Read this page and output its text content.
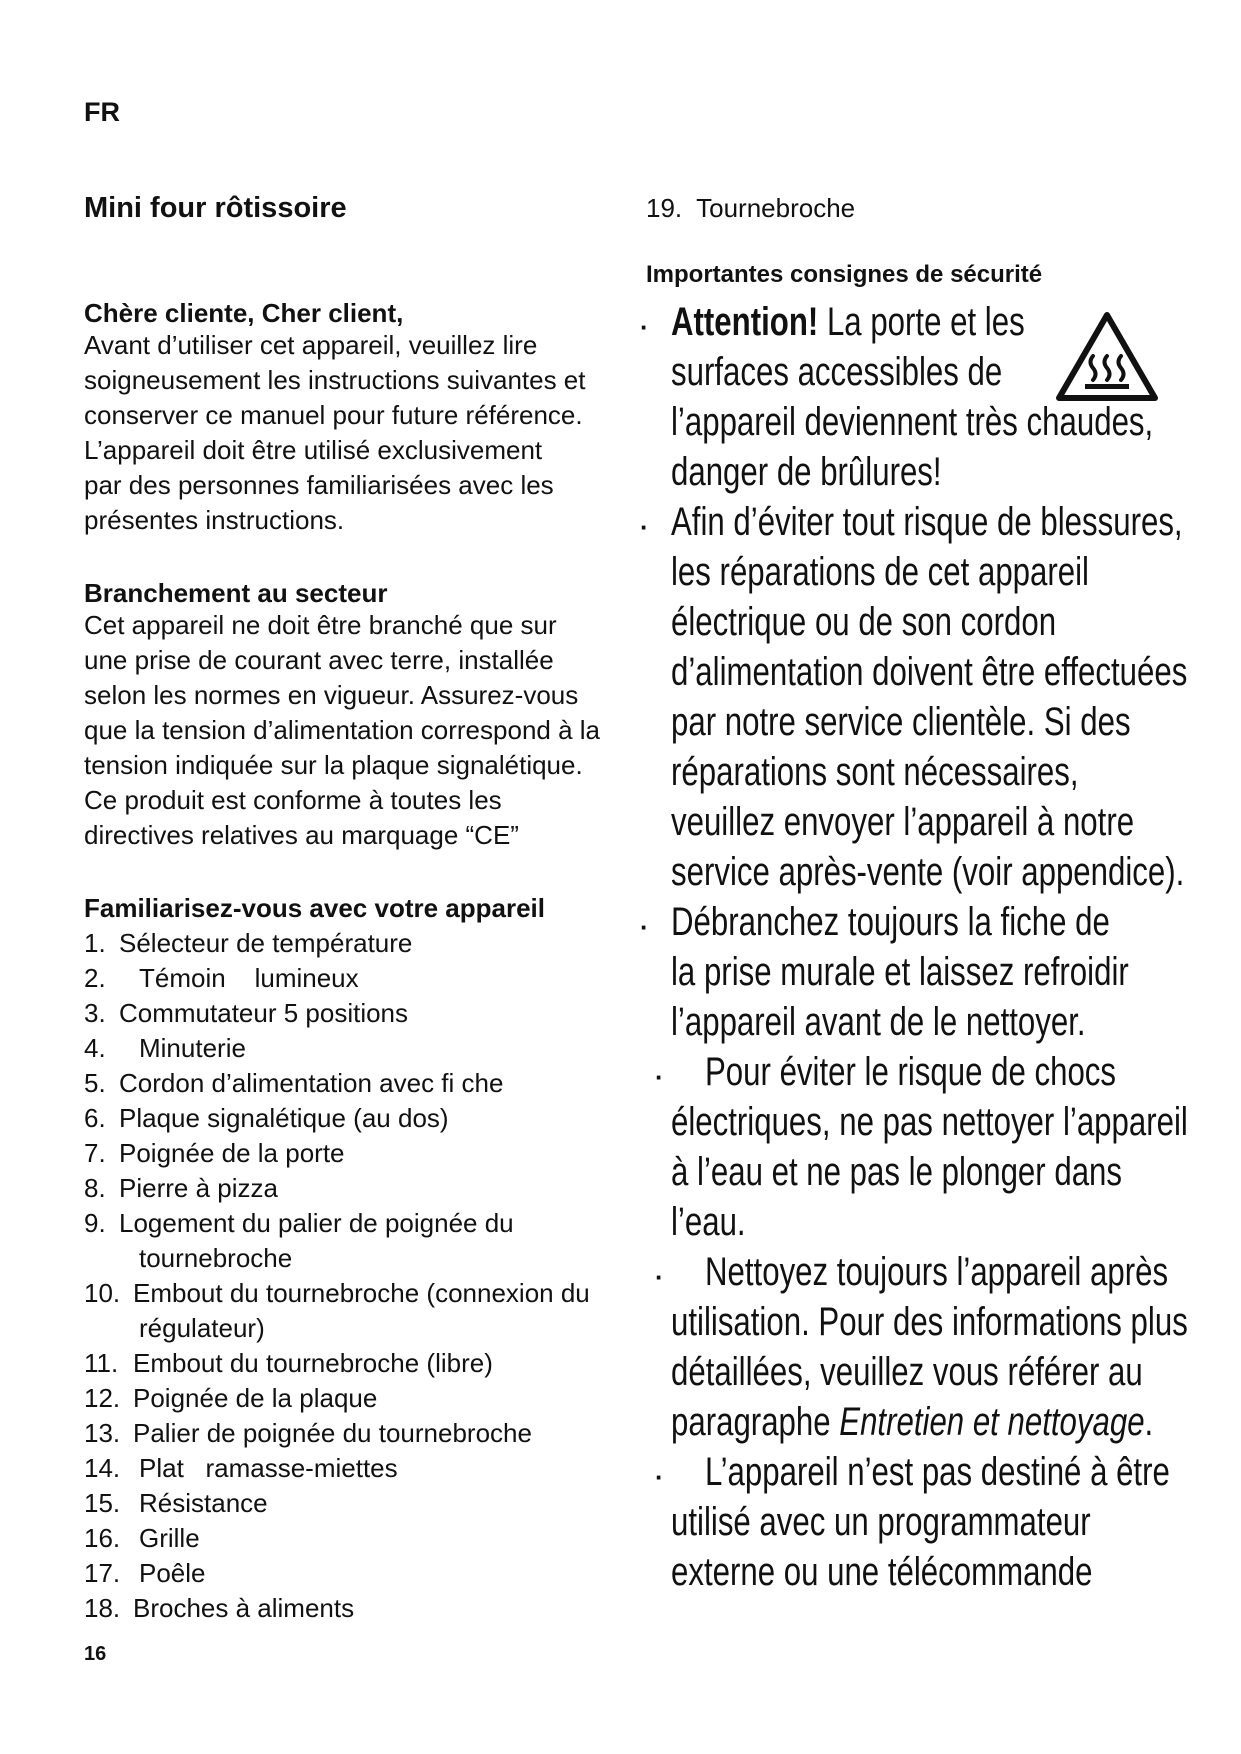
FR
Mini four rôtissoire
Chère cliente, Cher client,
Avant d’utiliser cet appareil, veuillez lire
soigneusement les instructions suivantes et
conserver ce manuel pour future référence.
L’appareil doit être utilisé exclusivement
par des personnes familiarisées avec les
présentes instructions.
Branchement au secteur
Cet appareil ne doit être branché que sur
une prise de courant avec terre, installée
selon les normes en vigueur. Assurez-vous
que la tension d’alimentation correspond à la
tension indiquée sur la plaque signalétique.
Ce produit est conforme à toutes les
directives relatives au marquage “CE”
Familiarisez-vous avec votre appareil
1. Sélecteur de température
2. Témoin    lumineux
3. Commutateur 5 positions
4. Minuterie
5. Cordon d’alimentation avec fi che
6. Plaque signalétique (au dos)
7. Poignée de la porte
8. Pierre à pizza
9. Logement du palier de poignée du
tournebroche
10. Embout du tournebroche (connexion du
régulateur)
11. Embout du tournebroche (libre)
12. Poignée de la plaque
13. Palier de poignée du tournebroche
14. Plat   ramasse-miettes
15. Résistance
16. Grille
17. Poêle
18. Broches à aliments
16
19.  Tournebroche
Importantes consignes de sécurité
· Attention! La porte et les
surfaces accessibles de
l’appareil deviennent très chaudes,
danger de brûlures!
· Afin d’éviter tout risque de blessures,
les réparations de cet appareil
électrique ou de son cordon
d’alimentation doivent être effectuées
par notre service clientèle. Si des
réparations sont nécessaires,
veuillez envoyer l’appareil à notre
service après-vente (voir appendice).
· Débranchez toujours la fiche de
la prise murale et laissez refroidir
l’appareil avant de le nettoyer.
· Pour éviter le risque de chocs
électriques, ne pas nettoyer l’appareil
à l’eau et ne pas le plonger dans
l’eau.
· Nettoyez toujours l’appareil après
utilisation. Pour des informations plus
détaillées, veuillez vous référer au
paragraphe Entretien et nettoyage.
· L’appareil n’est pas destiné à être
utilisé avec un programmateur
externe ou une télécommande
